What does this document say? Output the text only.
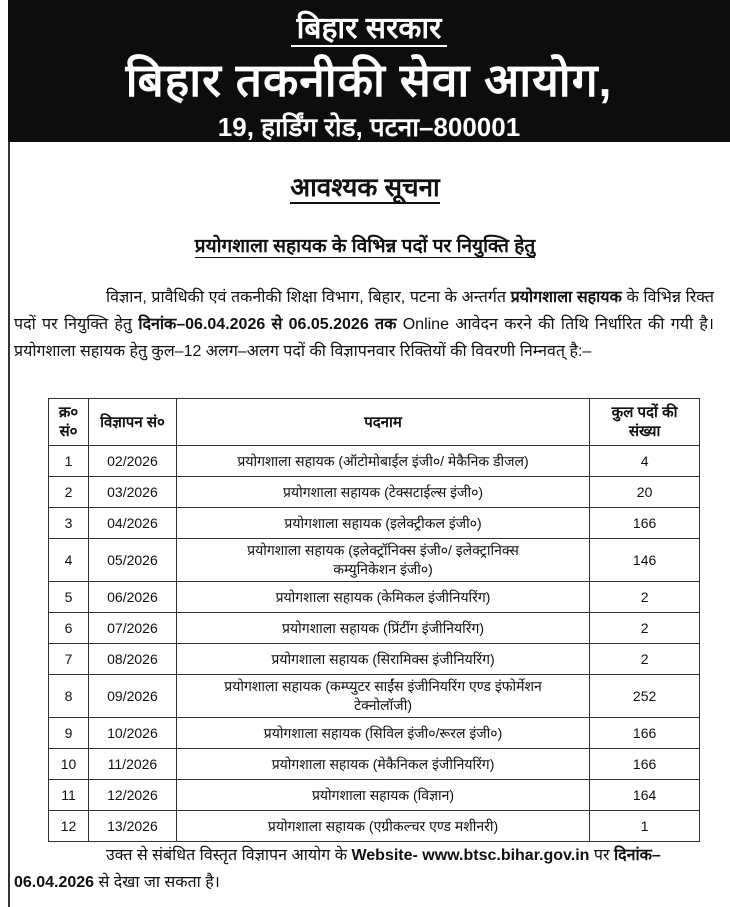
बिहार सरकार
बिहार तकनीकी सेवा आयोग,
19, हार्डिंग रोड, पटना–800001
आवश्यक सूचना
प्रयोगशाला सहायक के विभिन्न पदों पर नियुक्ति हेतु
विज्ञान, प्रावैधिकी एवं तकनीकी शिक्षा विभाग, बिहार, पटना के अन्तर्गत प्रयोगशाला सहायक के विभिन्न रिक्त पदों पर नियुक्ति हेतु दिनांक–06.04.2026 से 06.05.2026 तक Online आवेदन करने की तिथि निर्धारित की गयी है। प्रयोगशाला सहायक हेतु कुल–12 अलग–अलग पदों की विज्ञापनवार रिक्तियों की विवरणी निम्नवत् है:–
क्र० सं०	विज्ञापन सं०	पदनाम	कुल पदों की संख्या
1	02/2026	प्रयोगशाला सहायक (ऑटोमोबाईल इंजी०/ मेकैनिक डीजल)	4
2	03/2026	प्रयोगशाला सहायक (टेक्सटाईल्स इंजी०)	20
3	04/2026	प्रयोगशाला सहायक (इलेक्ट्रीकल इंजी०)	166
4	05/2026	प्रयोगशाला सहायक (इलेक्ट्रॉनिक्स इंजी०/ इलेक्ट्रानिक्स कम्युनिकेशन इंजी०)	146
5	06/2026	प्रयोगशाला सहायक (केमिकल इंजीनियरिंग)	2
6	07/2026	प्रयोगशाला सहायक (प्रिंटींग इंजीनियरिंग)	2
7	08/2026	प्रयोगशाला सहायक (सिरामिक्स इंजीनियरिंग)	2
8	09/2026	प्रयोगशाला सहायक (कम्प्युटर साईंस इंजीनियरिंग एण्ड इंफोर्मेशन टेक्नोलॉजी)	252
9	10/2026	प्रयोगशाला सहायक (सिविल इंजी०/रूरल इंजी०)	166
10	11/2026	प्रयोगशाला सहायक (मेकैनिकल इंजीनियरिंग)	166
11	12/2026	प्रयोगशाला सहायक (विज्ञान)	164
12	13/2026	प्रयोगशाला सहायक (एग्रीकल्चर एण्ड मशीनरी)	1
उक्त से संबंधित विस्तृत विज्ञापन आयोग के Website- www.btsc.bihar.gov.in पर दिनांक–06.04.2026 से देखा जा सकता है।
